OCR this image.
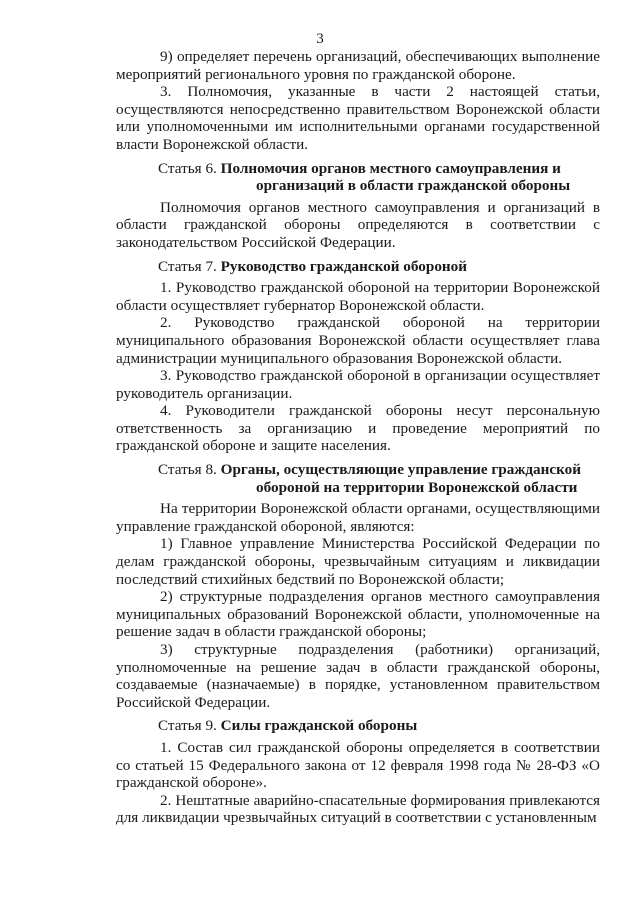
3

9) определяет перечень организаций, обеспечивающих выполнение мероприятий регионального уровня по гражданской обороне.

3. Полномочия, указанные в части 2 настоящей статьи, осуществляются непосредственно правительством Воронежской области или уполномоченными им исполнительными органами государственной власти Воронежской области.

Статья 6. Полномочия органов местного самоуправления и
организаций в области гражданской обороны

Полномочия органов местного самоуправления и организаций в области гражданской обороны определяются в соответствии с законодательством Российской Федерации.

Статья 7. Руководство гражданской обороной

1. Руководство гражданской обороной на территории Воронежской области осуществляет губернатор Воронежской области.

2. Руководство гражданской обороной на территории муниципального образования Воронежской области осуществляет глава администрации муниципального образования Воронежской области.

3. Руководство гражданской обороной в организации осуществляет руководитель организации.

4. Руководители гражданской обороны несут персональную ответственность за организацию и проведение мероприятий по гражданской обороне и защите населения.

Статья 8. Органы, осуществляющие управление гражданской
обороной на территории Воронежской области

На территории Воронежской области органами, осуществляющими управление гражданской обороной, являются:

1) Главное управление Министерства Российской Федерации по делам гражданской обороны, чрезвычайным ситуациям и ликвидации последствий стихийных бедствий по Воронежской области;

2) структурные подразделения органов местного самоуправления муниципальных образований Воронежской области, уполномоченные на решение задач в области гражданской обороны;

3) структурные подразделения (работники) организаций, уполномоченные на решение задач в области гражданской обороны, создаваемые (назначаемые) в порядке, установленном правительством Российской Федерации.

Статья 9. Силы гражданской обороны

1. Состав сил гражданской обороны определяется в соответствии со статьей 15 Федерального закона от 12 февраля 1998 года № 28-ФЗ «О гражданской обороне».

2. Нештатные аварийно-спасательные формирования привлекаются для ликвидации чрезвычайных ситуаций в соответствии с установленным
